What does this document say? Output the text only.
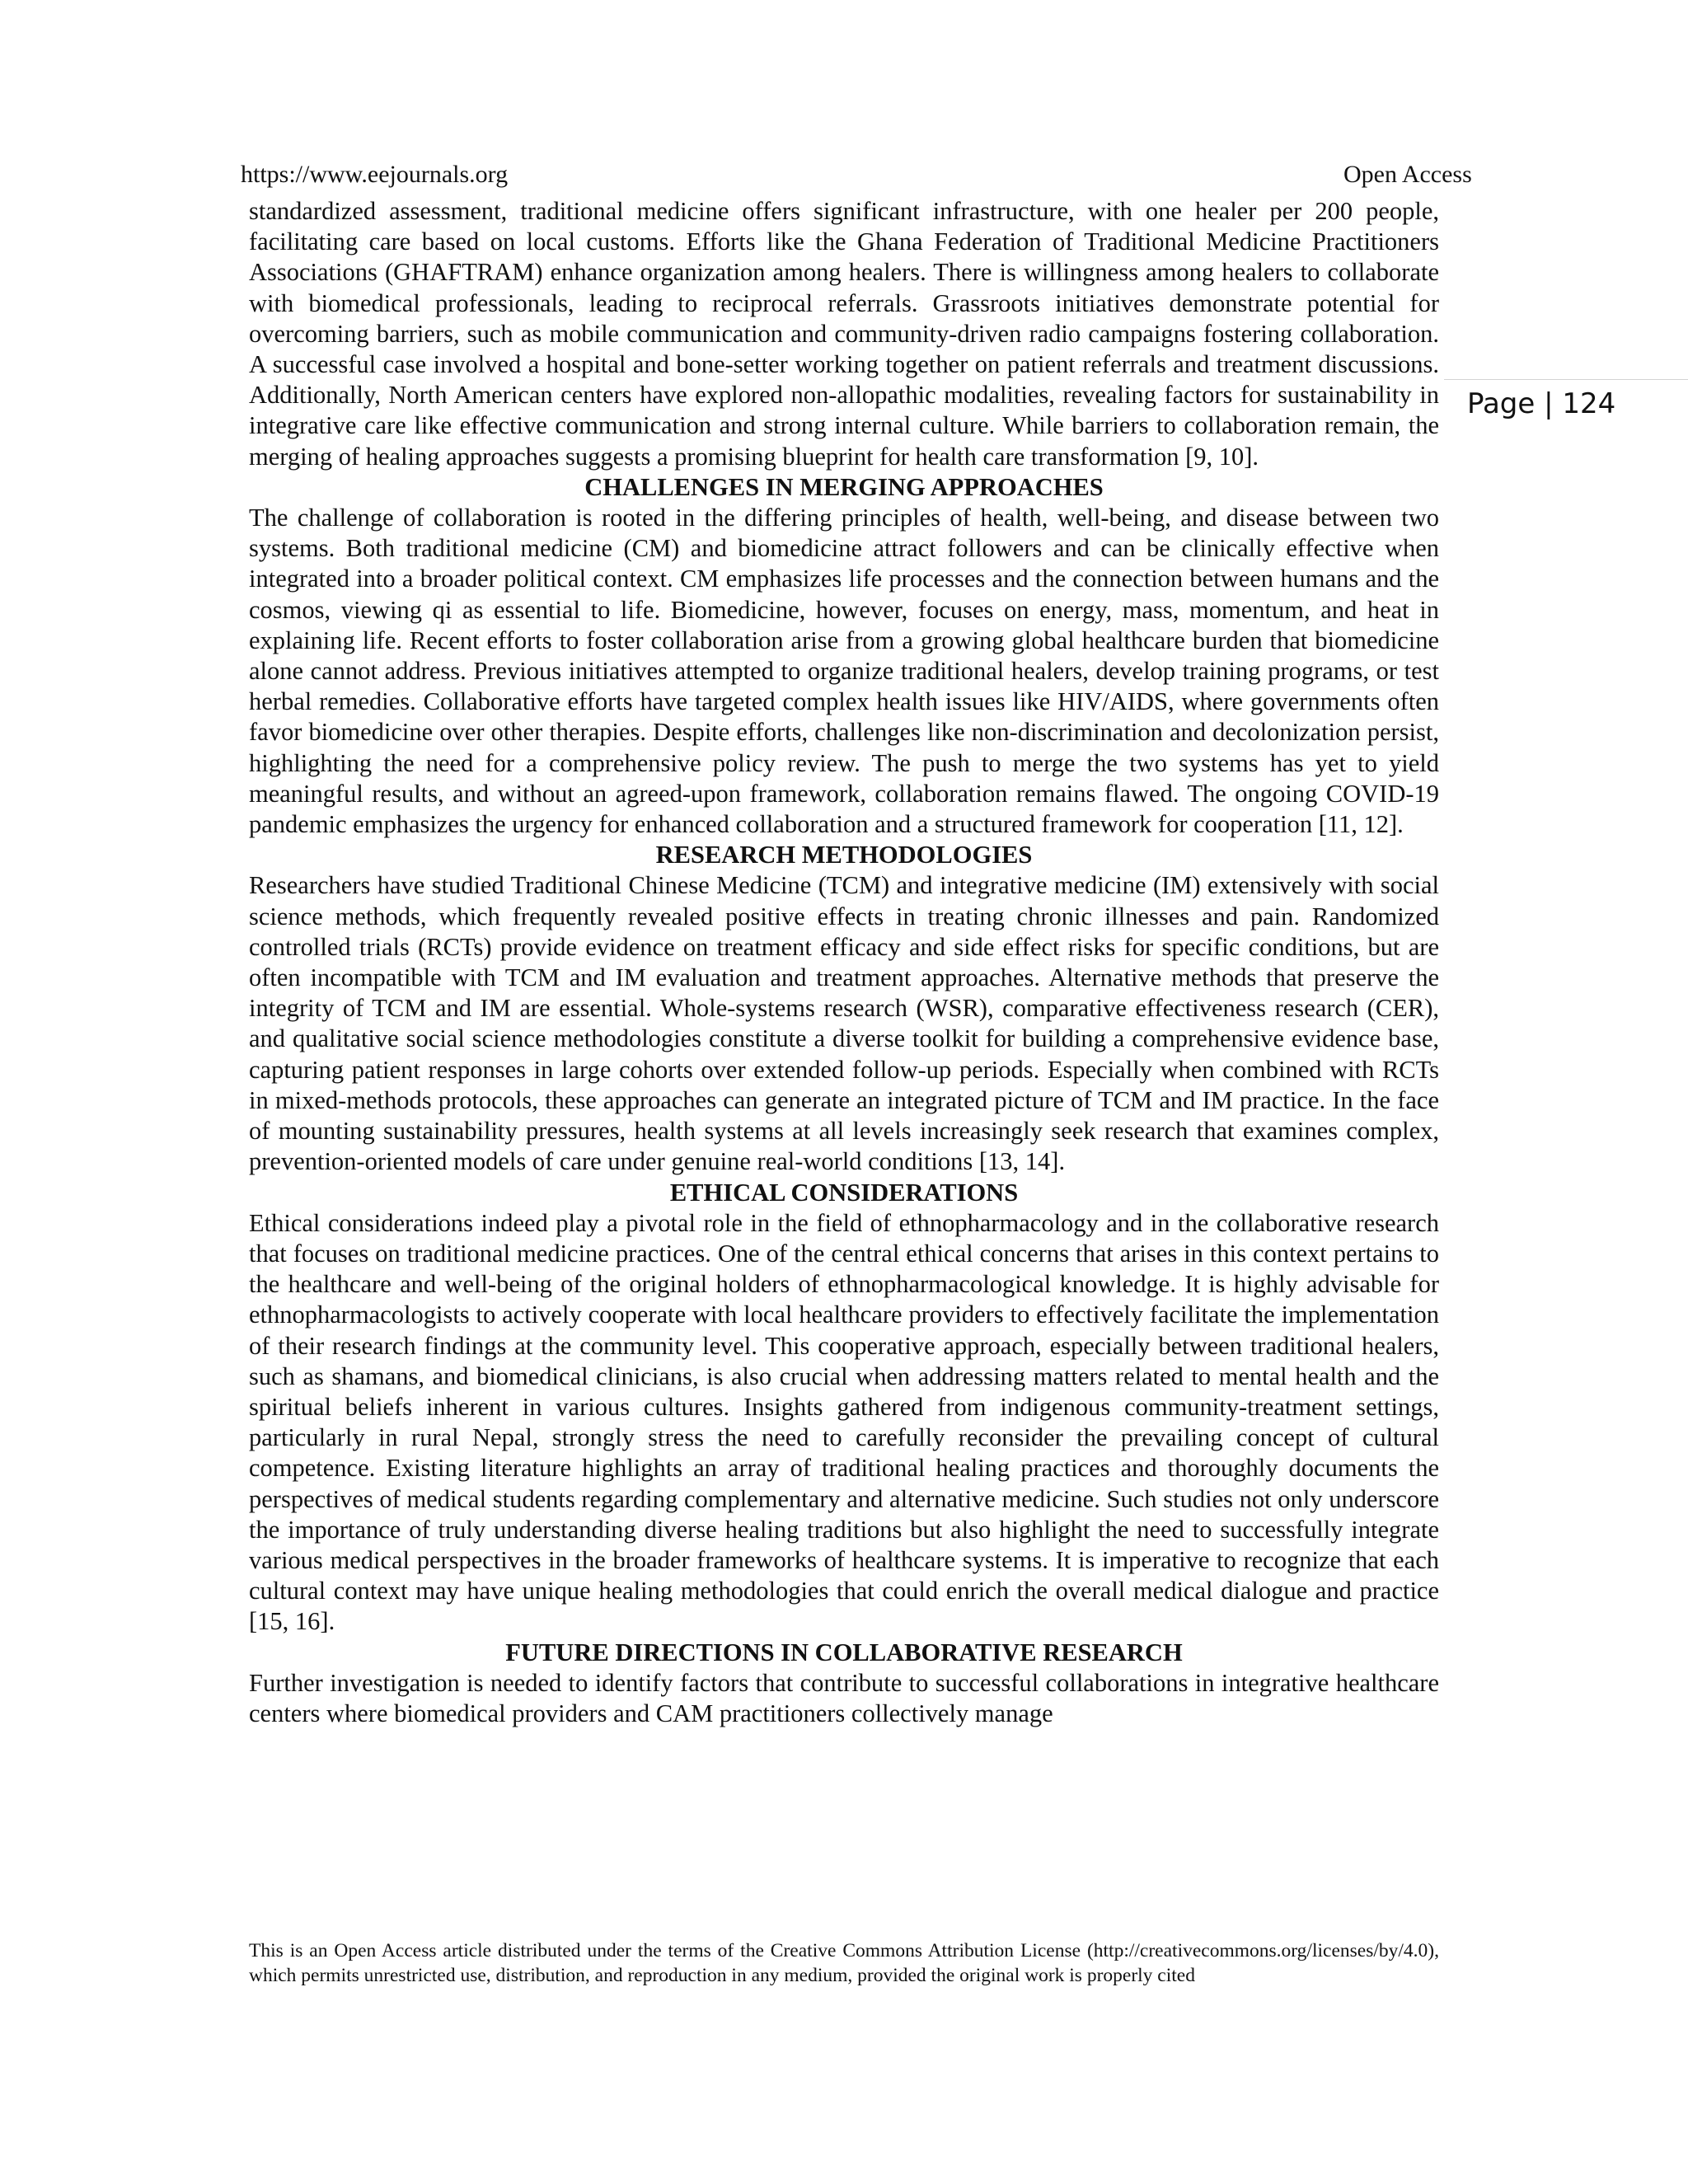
https://www.eejournals.org	Open Access
Page | 124

standardized assessment, traditional medicine offers significant infrastructure, with one healer per 200 people, facilitating care based on local customs. Efforts like the Ghana Federation of Traditional Medicine Practitioners Associations (GHAFTRAM) enhance organization among healers. There is willingness among healers to collaborate with biomedical professionals, leading to reciprocal referrals. Grassroots initiatives demonstrate potential for overcoming barriers, such as mobile communication and community-driven radio campaigns fostering collaboration. A successful case involved a hospital and bone-setter working together on patient referrals and treatment discussions. Additionally, North American centers have explored non-allopathic modalities, revealing factors for sustainability in integrative care like effective communication and strong internal culture. While barriers to collaboration remain, the merging of healing approaches suggests a promising blueprint for health care transformation [9, 10].

CHALLENGES IN MERGING APPROACHES

The challenge of collaboration is rooted in the differing principles of health, well-being, and disease between two systems. Both traditional medicine (CM) and biomedicine attract followers and can be clinically effective when integrated into a broader political context. CM emphasizes life processes and the connection between humans and the cosmos, viewing qi as essential to life. Biomedicine, however, focuses on energy, mass, momentum, and heat in explaining life. Recent efforts to foster collaboration arise from a growing global healthcare burden that biomedicine alone cannot address. Previous initiatives attempted to organize traditional healers, develop training programs, or test herbal remedies. Collaborative efforts have targeted complex health issues like HIV/AIDS, where governments often favor biomedicine over other therapies. Despite efforts, challenges like non-discrimination and decolonization persist, highlighting the need for a comprehensive policy review. The push to merge the two systems has yet to yield meaningful results, and without an agreed-upon framework, collaboration remains flawed. The ongoing COVID-19 pandemic emphasizes the urgency for enhanced collaboration and a structured framework for cooperation [11, 12].

RESEARCH METHODOLOGIES

Researchers have studied Traditional Chinese Medicine (TCM) and integrative medicine (IM) extensively with social science methods, which frequently revealed positive effects in treating chronic illnesses and pain. Randomized controlled trials (RCTs) provide evidence on treatment efficacy and side effect risks for specific conditions, but are often incompatible with TCM and IM evaluation and treatment approaches. Alternative methods that preserve the integrity of TCM and IM are essential. Whole-systems research (WSR), comparative effectiveness research (CER), and qualitative social science methodologies constitute a diverse toolkit for building a comprehensive evidence base, capturing patient responses in large cohorts over extended follow-up periods. Especially when combined with RCTs in mixed-methods protocols, these approaches can generate an integrated picture of TCM and IM practice. In the face of mounting sustainability pressures, health systems at all levels increasingly seek research that examines complex, prevention-oriented models of care under genuine real-world conditions [13, 14].

ETHICAL CONSIDERATIONS

Ethical considerations indeed play a pivotal role in the field of ethnopharmacology and in the collaborative research that focuses on traditional medicine practices. One of the central ethical concerns that arises in this context pertains to the healthcare and well-being of the original holders of ethnopharmacological knowledge. It is highly advisable for ethnopharmacologists to actively cooperate with local healthcare providers to effectively facilitate the implementation of their research findings at the community level. This cooperative approach, especially between traditional healers, such as shamans, and biomedical clinicians, is also crucial when addressing matters related to mental health and the spiritual beliefs inherent in various cultures. Insights gathered from indigenous community-treatment settings, particularly in rural Nepal, strongly stress the need to carefully reconsider the prevailing concept of cultural competence. Existing literature highlights an array of traditional healing practices and thoroughly documents the perspectives of medical students regarding complementary and alternative medicine. Such studies not only underscore the importance of truly understanding diverse healing traditions but also highlight the need to successfully integrate various medical perspectives in the broader frameworks of healthcare systems. It is imperative to recognize that each cultural context may have unique healing methodologies that could enrich the overall medical dialogue and practice [15, 16].

FUTURE DIRECTIONS IN COLLABORATIVE RESEARCH

Further investigation is needed to identify factors that contribute to successful collaborations in integrative healthcare centers where biomedical providers and CAM practitioners collectively manage

This is an Open Access article distributed under the terms of the Creative Commons Attribution License (http://creativecommons.org/licenses/by/4.0), which permits unrestricted use, distribution, and reproduction in any medium, provided the original work is properly cited
